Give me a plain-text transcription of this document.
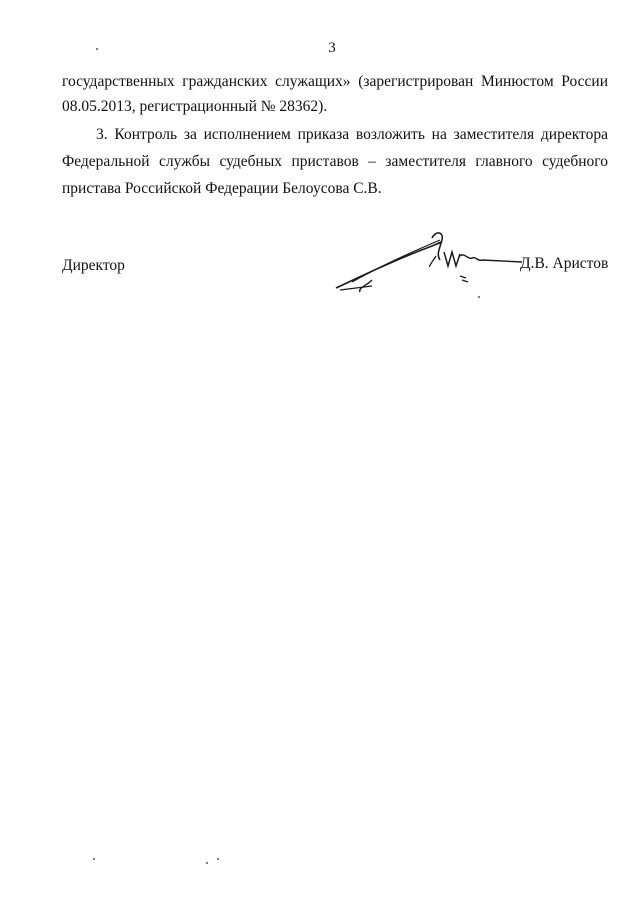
3
государственных гражданских служащих» (зарегистрирован Минюстом России
08.05.2013, регистрационный № 28362).
3. Контроль за исполнением приказа возложить на заместителя директора
Федеральной службы судебных приставов – заместителя главного судебного
пристава Российской Федерации Белоусова С.В.
Директор	Д.В. Аристов
